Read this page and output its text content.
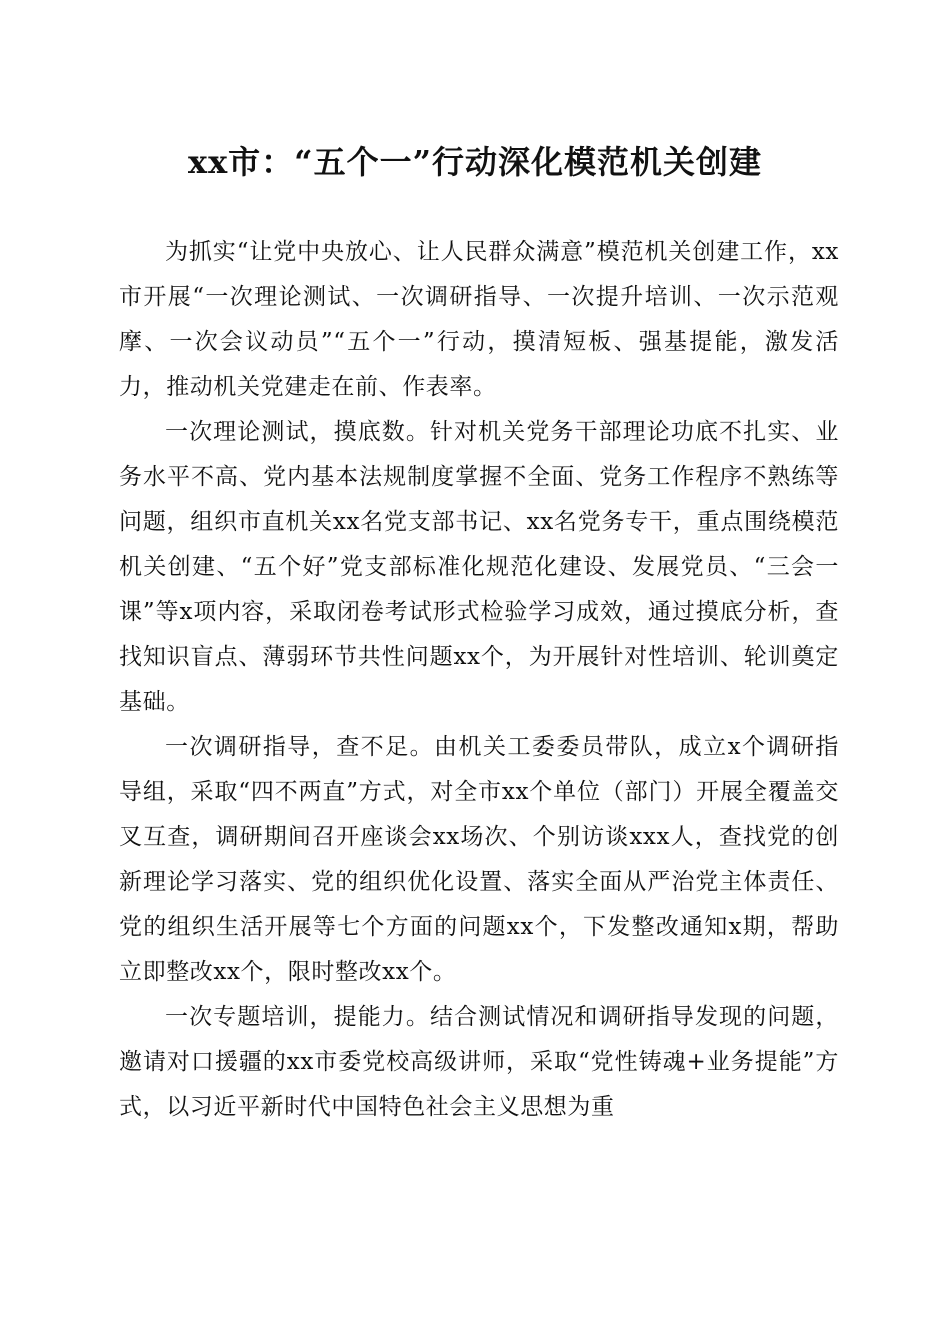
xx市：“五个一”行动深化模范机关创建

为抓实“让党中央放心、让人民群众满意”模范机关创建工作，xx市开展“一次理论测试、一次调研指导、一次提升培训、一次示范观摩、一次会议动员”“五个一”行动，摸清短板、强基提能，激发活力，推动机关党建走在前、作表率。

一次理论测试，摸底数。针对机关党务干部理论功底不扎实、业务水平不高、党内基本法规制度掌握不全面、党务工作程序不熟练等问题，组织市直机关xx名党支部书记、xx名党务专干，重点围绕模范机关创建、“五个好”党支部标准化规范化建设、发展党员、“三会一课”等x项内容，采取闭卷考试形式检验学习成效，通过摸底分析，查找知识盲点、薄弱环节共性问题xx个，为开展针对性培训、轮训奠定基础。

一次调研指导，查不足。由机关工委委员带队，成立x个调研指导组，采取“四不两直”方式，对全市xx个单位（部门）开展全覆盖交叉互查，调研期间召开座谈会xx场次、个别访谈xxx人，查找党的创新理论学习落实、党的组织优化设置、落实全面从严治党主体责任、党的组织生活开展等七个方面的问题xx个，下发整改通知x期，帮助立即整改xx个，限时整改xx个。

一次专题培训，提能力。结合测试情况和调研指导发现的问题，邀请对口援疆的xx市委党校高级讲师，采取“党性铸魂+业务提能”方式，以习近平新时代中国特色社会主义思想为重
